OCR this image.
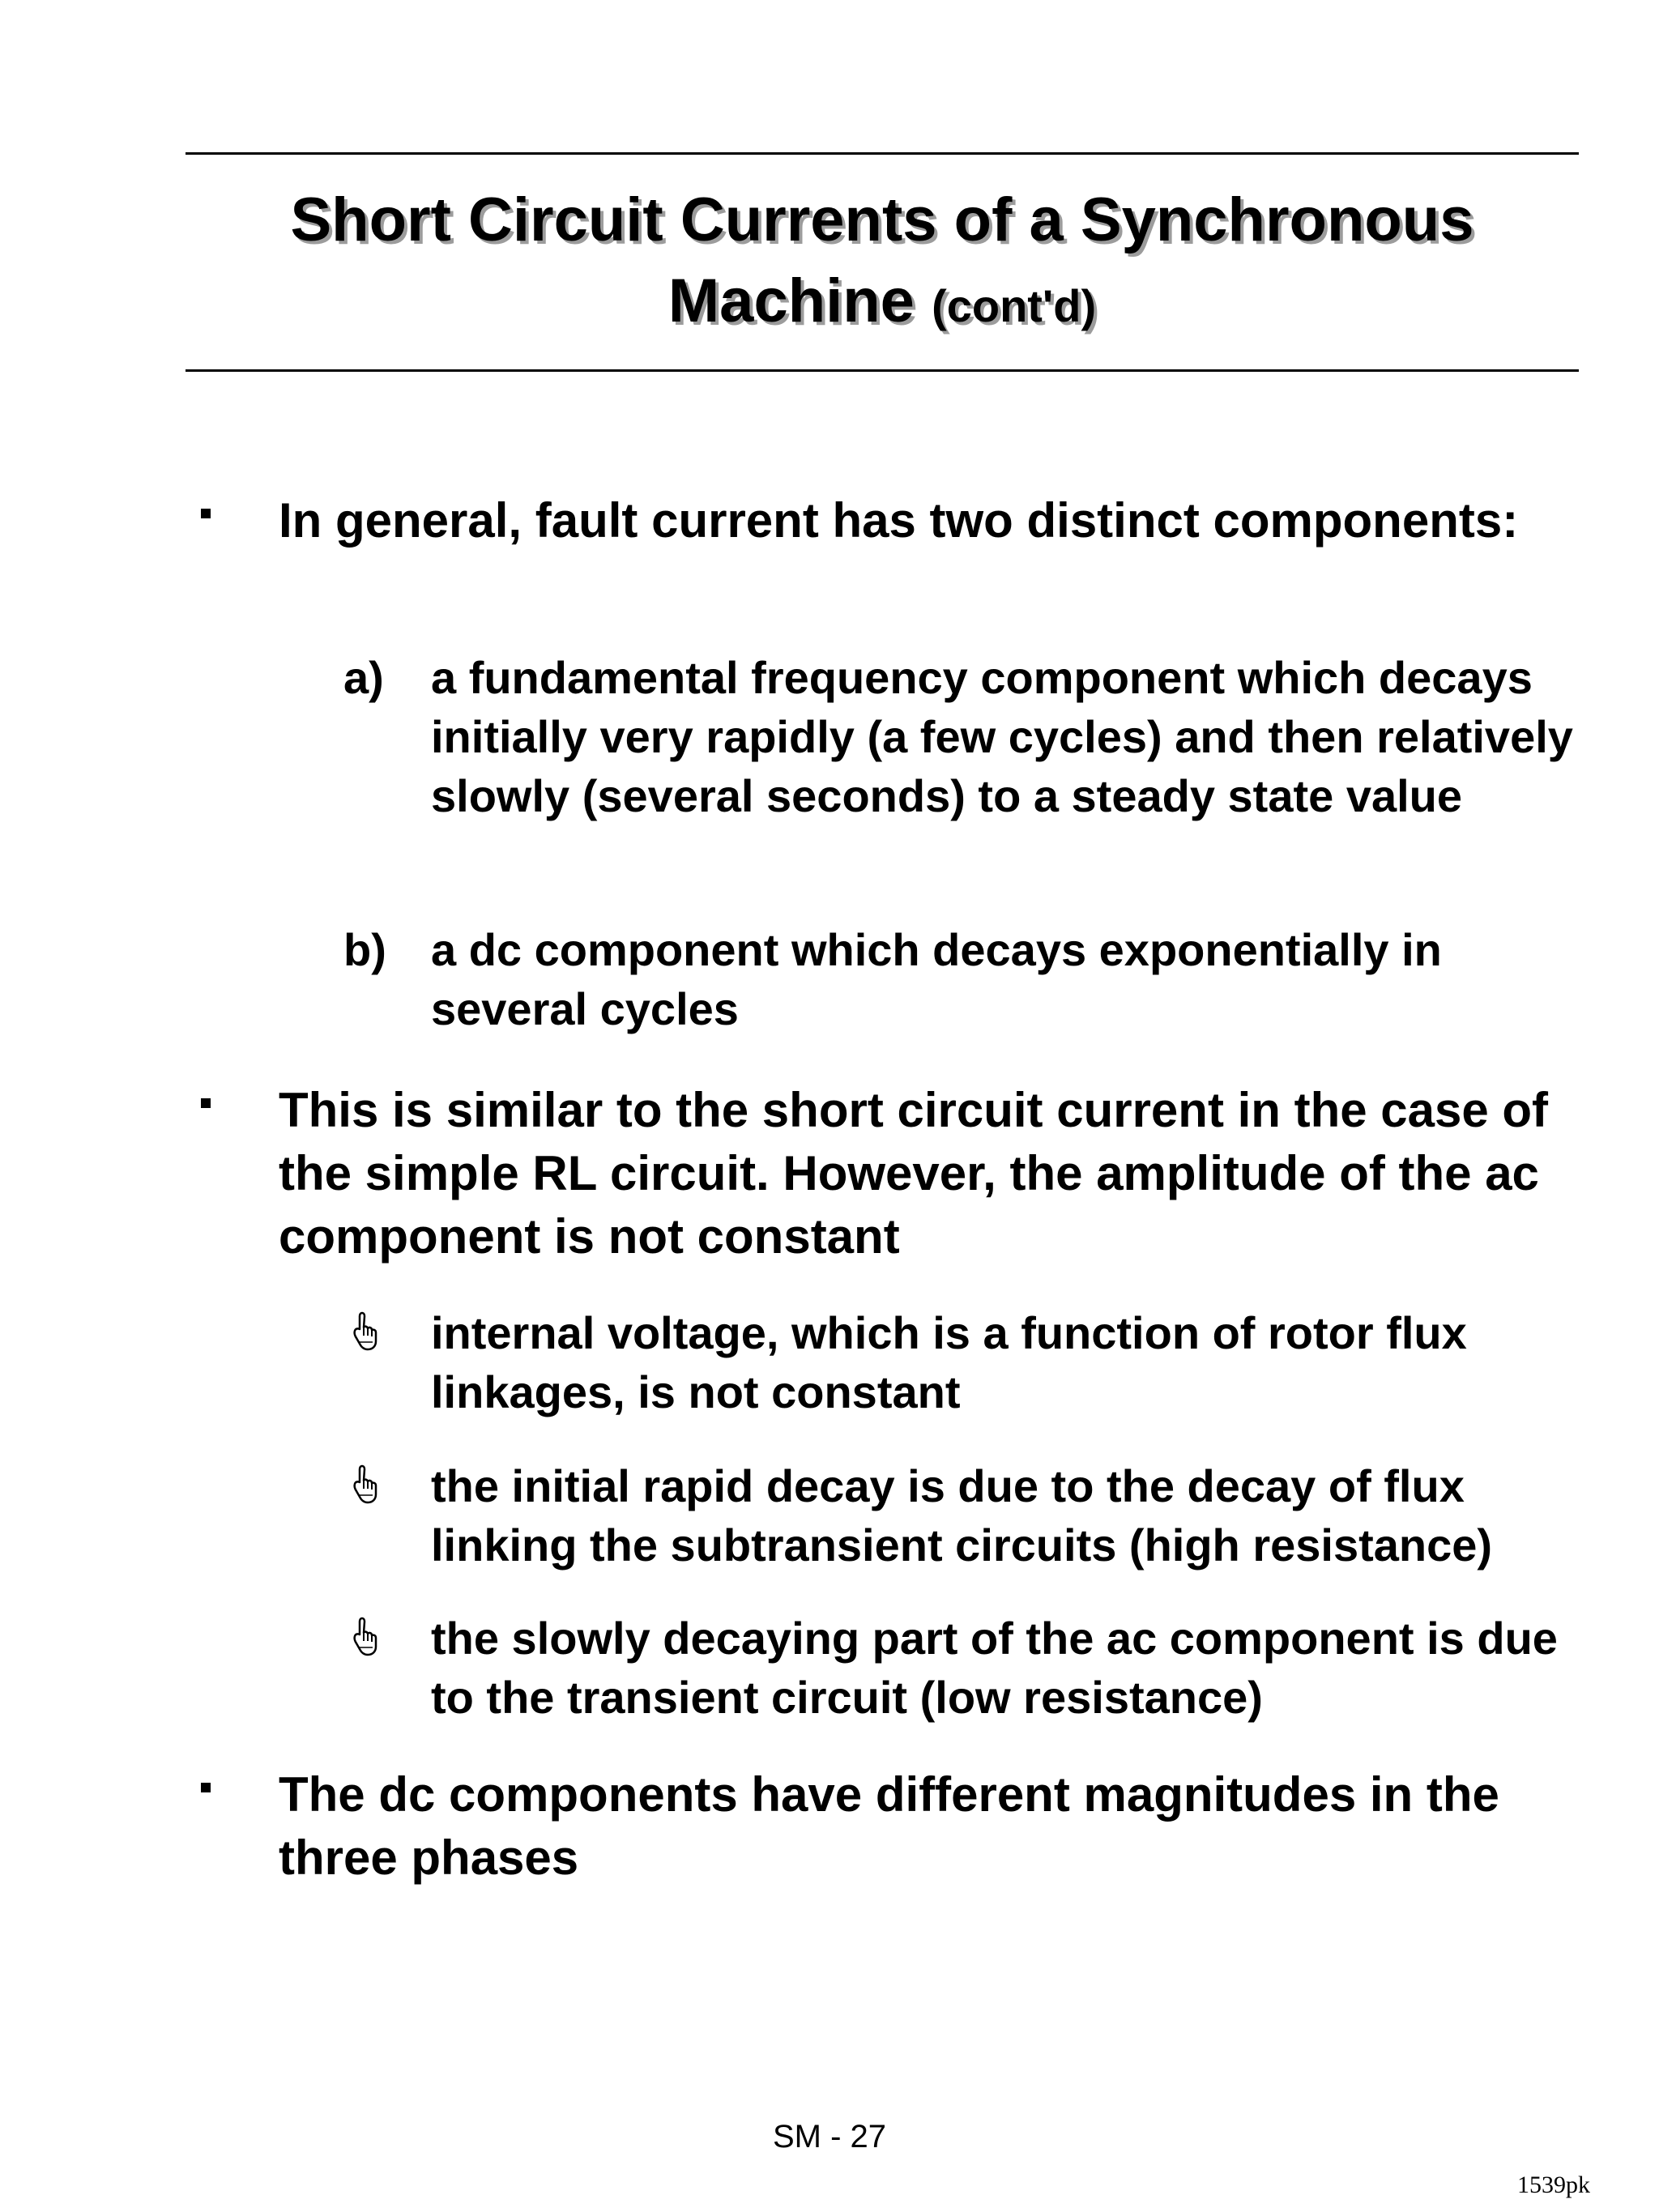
Short Circuit Currents of a Synchronous
Machine (cont'd)
In general, fault current has two distinct components:
a) a fundamental frequency component which decays initially very rapidly (a few cycles) and then relatively slowly (several seconds) to a steady state value
b) a dc component which decays exponentially in several cycles
This is similar to the short circuit current in the case of the simple RL circuit. However, the amplitude of the ac component is not constant
internal voltage, which is a function of rotor flux linkages, is not constant
the initial rapid decay is due to the decay of flux linking the subtransient circuits (high resistance)
the slowly decaying part of the ac component is due to the transient circuit (low resistance)
The dc components have different magnitudes in the three phases
SM - 27
1539pk
